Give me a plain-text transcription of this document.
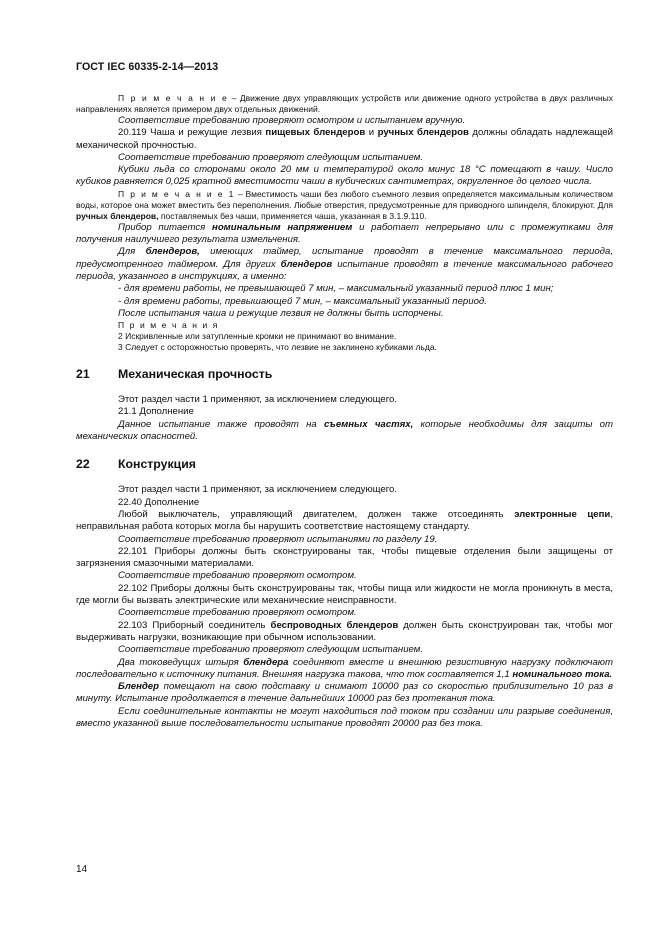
ГОСТ IEC 60335-2-14—2013

П р и м е ч а н и е – Движение двух управляющих устройств или движение одного устройства в двух различных направлениях является примером двух отдельных движений.

Соответствие требованию проверяют осмотром и испытанием вручную.

20.119 Чаша и режущие лезвия пищевых блендеров и ручных блендеров должны обладать надлежащей механической прочностью.

Соответствие требованию проверяют следующим испытанием.

Кубики льда со сторонами около 20 мм и температурой около минус 18 °С помещают в чашу. Число кубиков равняется 0,025 кратной вместимости чаши в кубических сантиметрах, округленное до целого числа.

П р и м е ч а н и е 1 – Вместимость чаши без любого съемного лезвия определяется максимальным количеством воды, которое она может вместить без переполнения. Любые отверстия, предусмотренные для приводного шпинделя, блокируют. Для ручных блендеров, поставляемых без чаши, применяется чаша, указанная в 3.1.9.110.

Прибор питается номинальным напряжением и работает непрерывно или с промежутками для получения наилучшего результата измельчения.

Для блендеров, имеющих таймер, испытание проводят в течение максимального периода, предусмотренного таймером. Для других блендеров испытание проводят в течение максимального рабочего периода, указанного в инструкциях, а именно:

- для времени работы, не превышающей 7 мин, – максимальный указанный период плюс 1 мин;

- для времени работы, превышающей 7 мин, – максимальный указанный период.

После испытания чаша и режущие лезвия не должны быть испорчены.

П р и м е ч а н и я

2 Искривленные или затупленные кромки не принимают во внимание.

3 Следует с осторожностью проверять, что лезвие не заклинено кубиками льда.

21	Механическая прочность

Этот раздел части 1 применяют, за исключением следующего.

21.1 Дополнение

Данное испытание также проводят на съемных частях, которые необходимы для защиты от механических опасностей.

22	Конструкция

Этот раздел части 1 применяют, за исключением следующего.

22.40 Дополнение

Любой выключатель, управляющий двигателем, должен также отсоединять электронные цепи, неправильная работа которых могла бы нарушить соответствие настоящему стандарту.

Соответствие требованию проверяют испытаниями по разделу 19.

22.101 Приборы должны быть сконструированы так, чтобы пищевые отделения были защищены от загрязнения смазочными материалами.

Соответствие требованию проверяют осмотром.

22.102 Приборы должны быть сконструированы так, чтобы пища или жидкости не могла проникнуть в места, где могли бы вызвать электрические или механические неисправности.

Соответствие требованию проверяют осмотром.

22.103 Приборный соединитель беспроводных блендеров должен быть сконструирован так, чтобы мог выдерживать нагрузки, возникающие при обычном использовании.

Соответствие требованию проверяют следующим испытанием.

Два токоведущих штыря блендера соединяют вместе и внешнюю резистивную нагрузку подключают последовательно к источнику питания. Внешняя нагрузка такова, что ток составляется 1,1 номинального тока.

Блендер помещают на свою подставку и снимают 10000 раз со скоростью приблизительно 10 раз в минуту. Испытание продолжается в течение дальнейших 10000 раз без протекания тока.

Если соединительные контакты не могут находиться под током при создании или разрыве соединения, вместо указанной выше последовательности испытание проводят 20000 раз без тока.

14
